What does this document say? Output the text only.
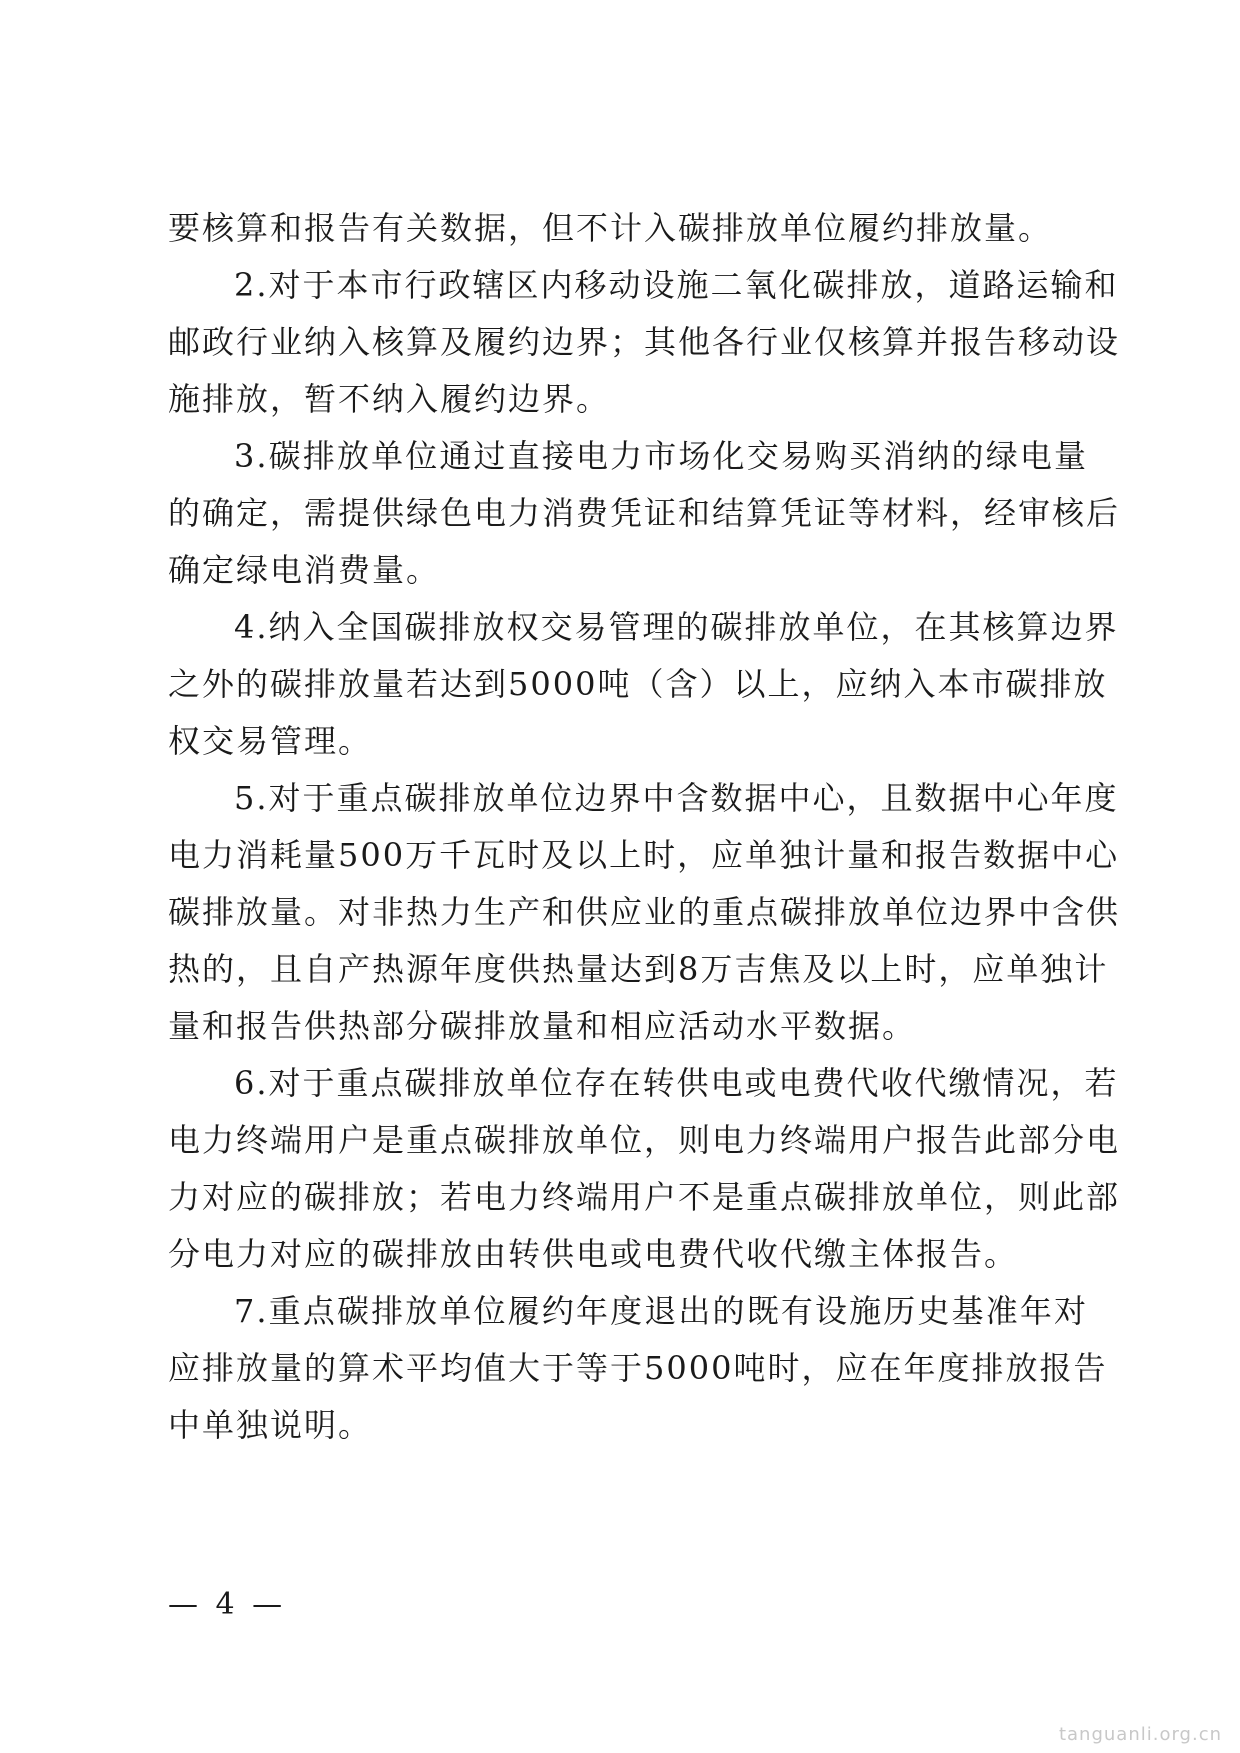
要核算和报告有关数据，但不计入碳排放单位履约排放量。
2.对于本市行政辖区内移动设施二氧化碳排放，道路运输和
邮政行业纳入核算及履约边界；其他各行业仅核算并报告移动设
施排放，暂不纳入履约边界。
3.碳排放单位通过直接电力市场化交易购买消纳的绿电量
的确定，需提供绿色电力消费凭证和结算凭证等材料，经审核后
确定绿电消费量。
4.纳入全国碳排放权交易管理的碳排放单位，在其核算边界
之外的碳排放量若达到5000吨（含）以上，应纳入本市碳排放
权交易管理。
5.对于重点碳排放单位边界中含数据中心，且数据中心年度
电力消耗量500万千瓦时及以上时，应单独计量和报告数据中心
碳排放量。对非热力生产和供应业的重点碳排放单位边界中含供
热的，且自产热源年度供热量达到8万吉焦及以上时，应单独计
量和报告供热部分碳排放量和相应活动水平数据。
6.对于重点碳排放单位存在转供电或电费代收代缴情况，若
电力终端用户是重点碳排放单位，则电力终端用户报告此部分电
力对应的碳排放；若电力终端用户不是重点碳排放单位，则此部
分电力对应的碳排放由转供电或电费代收代缴主体报告。
7.重点碳排放单位履约年度退出的既有设施历史基准年对
应排放量的算术平均值大于等于5000吨时，应在年度排放报告
中单独说明。
— 4 —
tanguanli.org.cn
